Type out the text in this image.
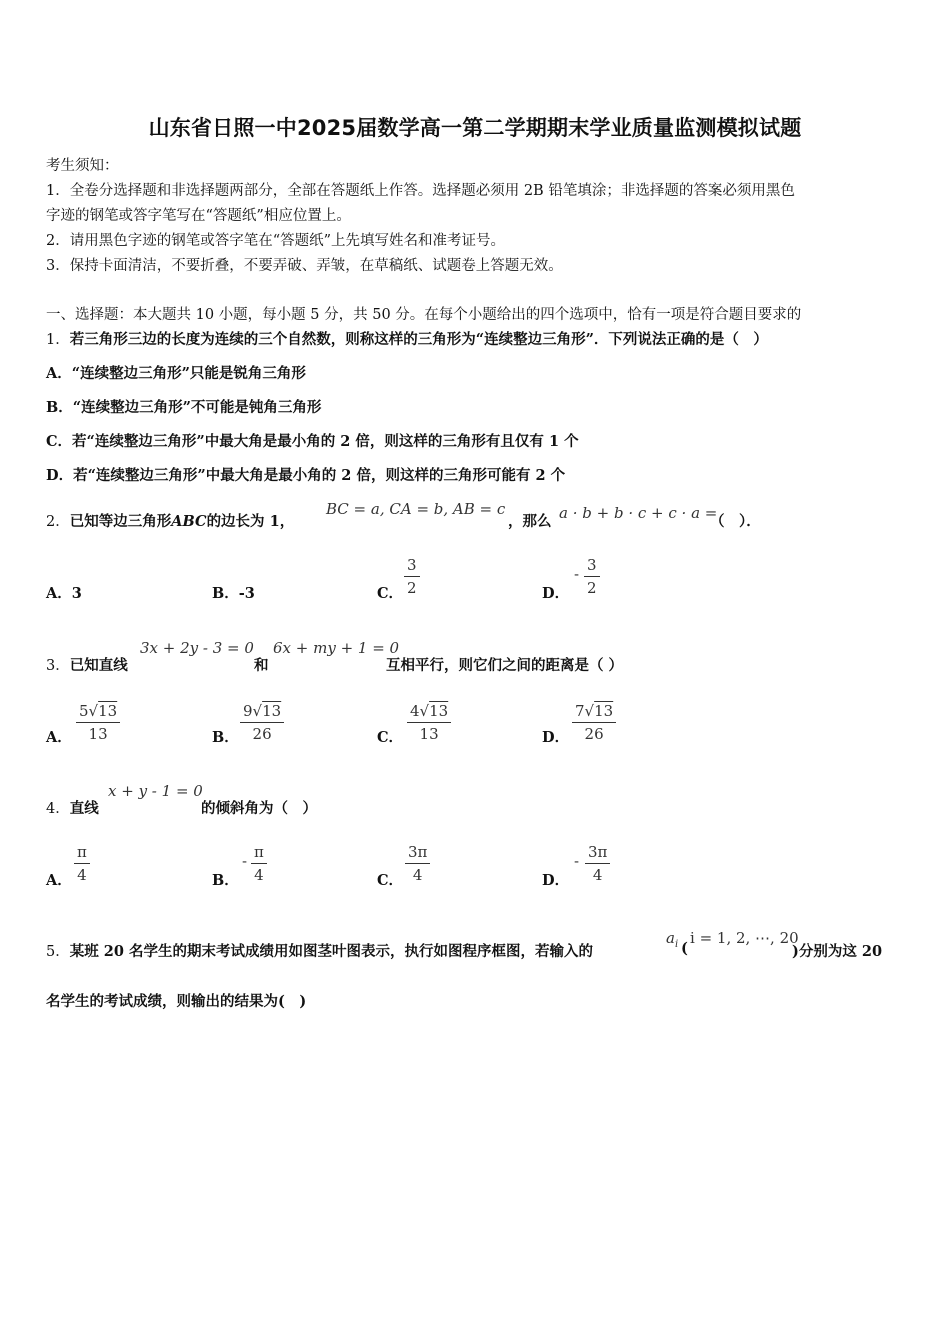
山东省日照一中2025届数学高一第二学期期末学业质量监测模拟试题
考生须知：
1．全卷分选择题和非选择题两部分，全部在答题纸上作答。选择题必须用 2B 铅笔填涂；非选择题的答案必须用黑色
字迹的钢笔或答字笔写在“答题纸”相应位置上。
2．请用黑色字迹的钢笔或答字笔在“答题纸”上先填写姓名和准考证号。
3．保持卡面清洁，不要折叠，不要弄破、弄皱，在草稿纸、试题卷上答题无效。
一、选择题：本大题共 10 小题，每小题 5 分，共 50 分。在每个小题给出的四个选项中，恰有一项是符合题目要求的
1．若三角形三边的长度为连续的三个自然数，则称这样的三角形为“连续整边三角形”．下列说法正确的是（　）
A．“连续整边三角形”只能是锐角三角形
B．“连续整边三角形”不可能是钝角三角形
C．若“连续整边三角形”中最大角是最小角的 2 倍，则这样的三角形有且仅有 1 个
D．若“连续整边三角形”中最大角是最小角的 2 倍，则这样的三角形可能有 2 个
2．已知等边三角形ABC的边长为 1，
BC = a, CA = b, AB = c
，那么 a · b + b · c + c · a =
（　）．
A．3	B．-3	C． $\frac{3}{2}$	D．
- $\frac{3}{2}$
3．已知直线
3x + 2y - 3 = 0
和
6x + my + 1 = 0
互相平行，则它们之间的距离是（ ）
A． $\frac{5√13}{13}$	B． $\frac{9√13}{26}$	C． $\frac{4√13}{13}$	D． $\frac{7√13}{26}$
4．直线
x + y - 1 = 0
的倾斜角为（　）
A． $\frac{\pi}{4}$	B．
- $\frac{\pi}{4}$	C． $\frac{3\pi}{4}$	D．
- $\frac{3\pi}{4}$
5．某班 20 名学生的期末考试成绩用如图茎叶图表示，执行如图程序框图，若输入的
$a_i$ (
i = 1, 2, ⋯, 20
)分别为这 20
名学生的考试成绩，则输出的结果为(　)
